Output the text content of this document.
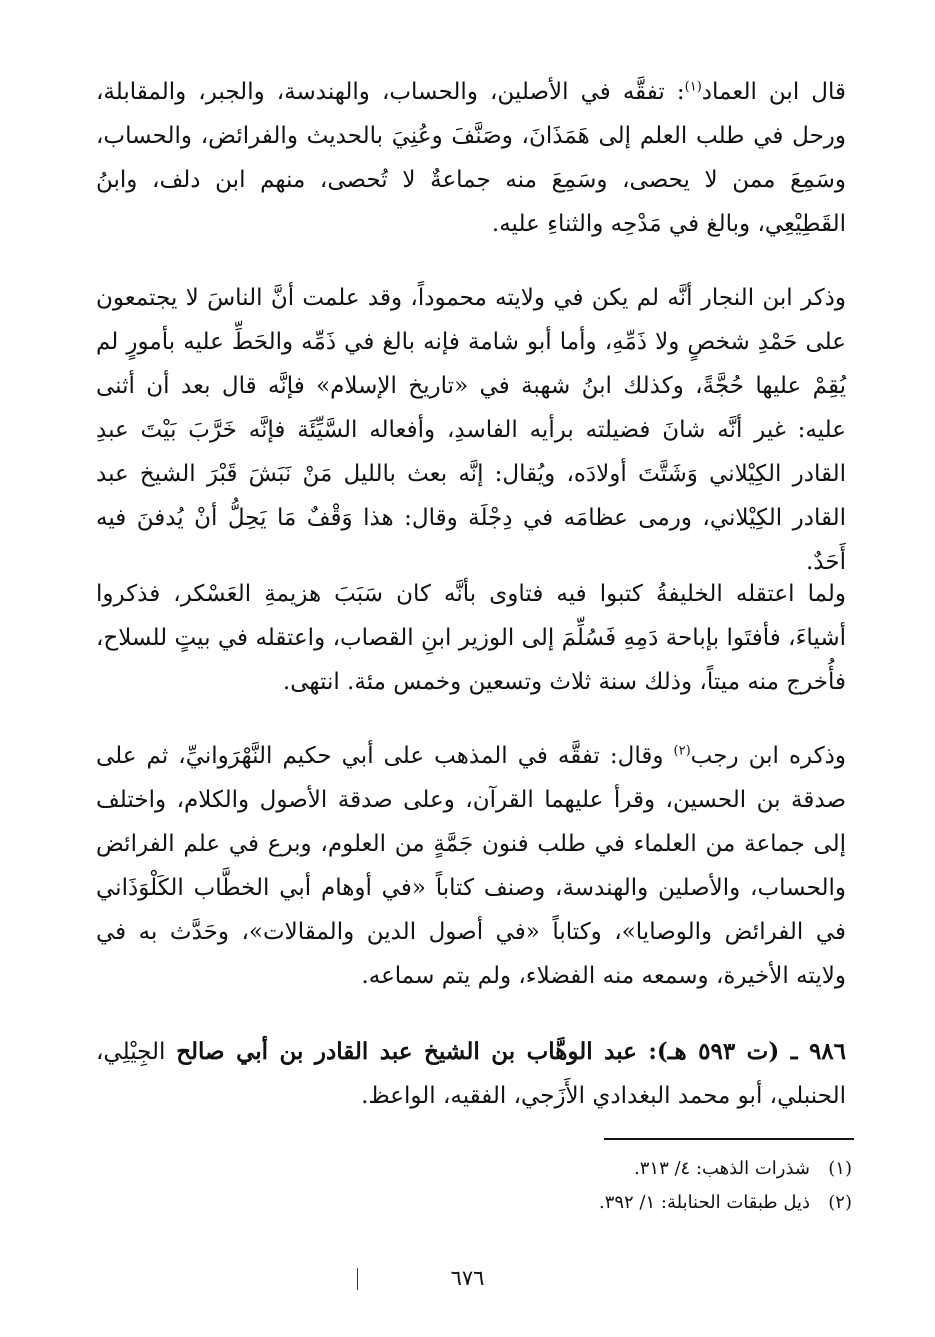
قال ابن العماد$^{(١)}$: تفقَّه في الأصلين، والحساب، والهندسة، والجبر، والمقابلة، ورحل في طلب العلم إلى هَمَذَانَ، وصَنَّفَ وعُنِيَ بالحديث والفرائض، والحساب، وسَمِعَ ممن لا يحصى، وسَمِعَ منه جماعةٌ لا تُحصى، منهم ابن دلف، وابنُ القَطِيْعِي، وبالغ في مَدْحِه والثناءِ عليه.

وذكر ابن النجار أنَّه لم يكن في ولايته محموداً، وقد علمت أنَّ الناسَ لا يجتمعون على حَمْدِ شخصٍ ولا ذَمِّهِ، وأما أبو شامة فإنه بالغ في ذَمِّه والحَطِّ عليه بأمورٍ لم يُقِمْ عليها حُجَّةً، وكذلك ابنُ شهبة في «تاريخ الإسلام» فإنَّه قال بعد أن أثنى عليه: غير أنَّه شانَ فضيلته برأيه الفاسدِ، وأفعاله السَّيِّئَة فإنَّه خَرَّبَ بَيْتَ عبدِ القادر الكِيْلاني وَشَتَّتَ أولادَه، ويُقال: إنَّه بعث بالليل مَنْ نَبَشَ قَبْرَ الشيخ عبد القادر الكِيْلاني، ورمى عظامَه في دِجْلَة وقال: هذا وَقْفٌ مَا يَحِلُّ أنْ يُدفنَ فيه أَحَدٌ.

ولما اعتقله الخليفةُ كتبوا فيه فتاوى بأنَّه كان سَبَبَ هزيمةِ العَسْكر، فذكروا أشياءَ، فأفتَوا بإباحة دَمِهِ فَسُلِّمَ إلى الوزير ابنِ القصاب، واعتقله في بيتٍ للسلاح، فأُخرج منه ميتاً، وذلك سنة ثلاث وتسعين وخمس مئة. انتهى.

وذكره ابن رجب$^{(٢)}$ وقال: تفقَّه في المذهب على أبي حكيم النَّهْرَوانيِّ، ثم على صدقة بن الحسين، وقرأ عليهما القرآن، وعلى صدقة الأصول والكلام، واختلف إلى جماعة من العلماء في طلب فنون جَمَّةٍ من العلوم، وبرع في علم الفرائض والحساب، والأصلين والهندسة، وصنف كتاباً «في أوهام أبي الخطَّاب الكَلْوَذَاني في الفرائض والوصايا»، وكتاباً «في أصول الدين والمقالات»، وحَدَّث به في ولايته الأخيرة، وسمعه منه الفضلاء، ولم يتم سماعه.

٩٨٦ ـ (ت ٥٩٣ هـ): عبد الوهَّاب بن الشيخ عبد القادر بن أبي صالح الجِيْلِي، الحنبلي، أبو محمد البغدادي الأَزَجي، الفقيه، الواعظ.

(١)شذرات الذهب: ٤/ ٣١٣.
(٢)ذيل طبقات الحنابلة: ١/ ٣٩٢.
٦٧٦
